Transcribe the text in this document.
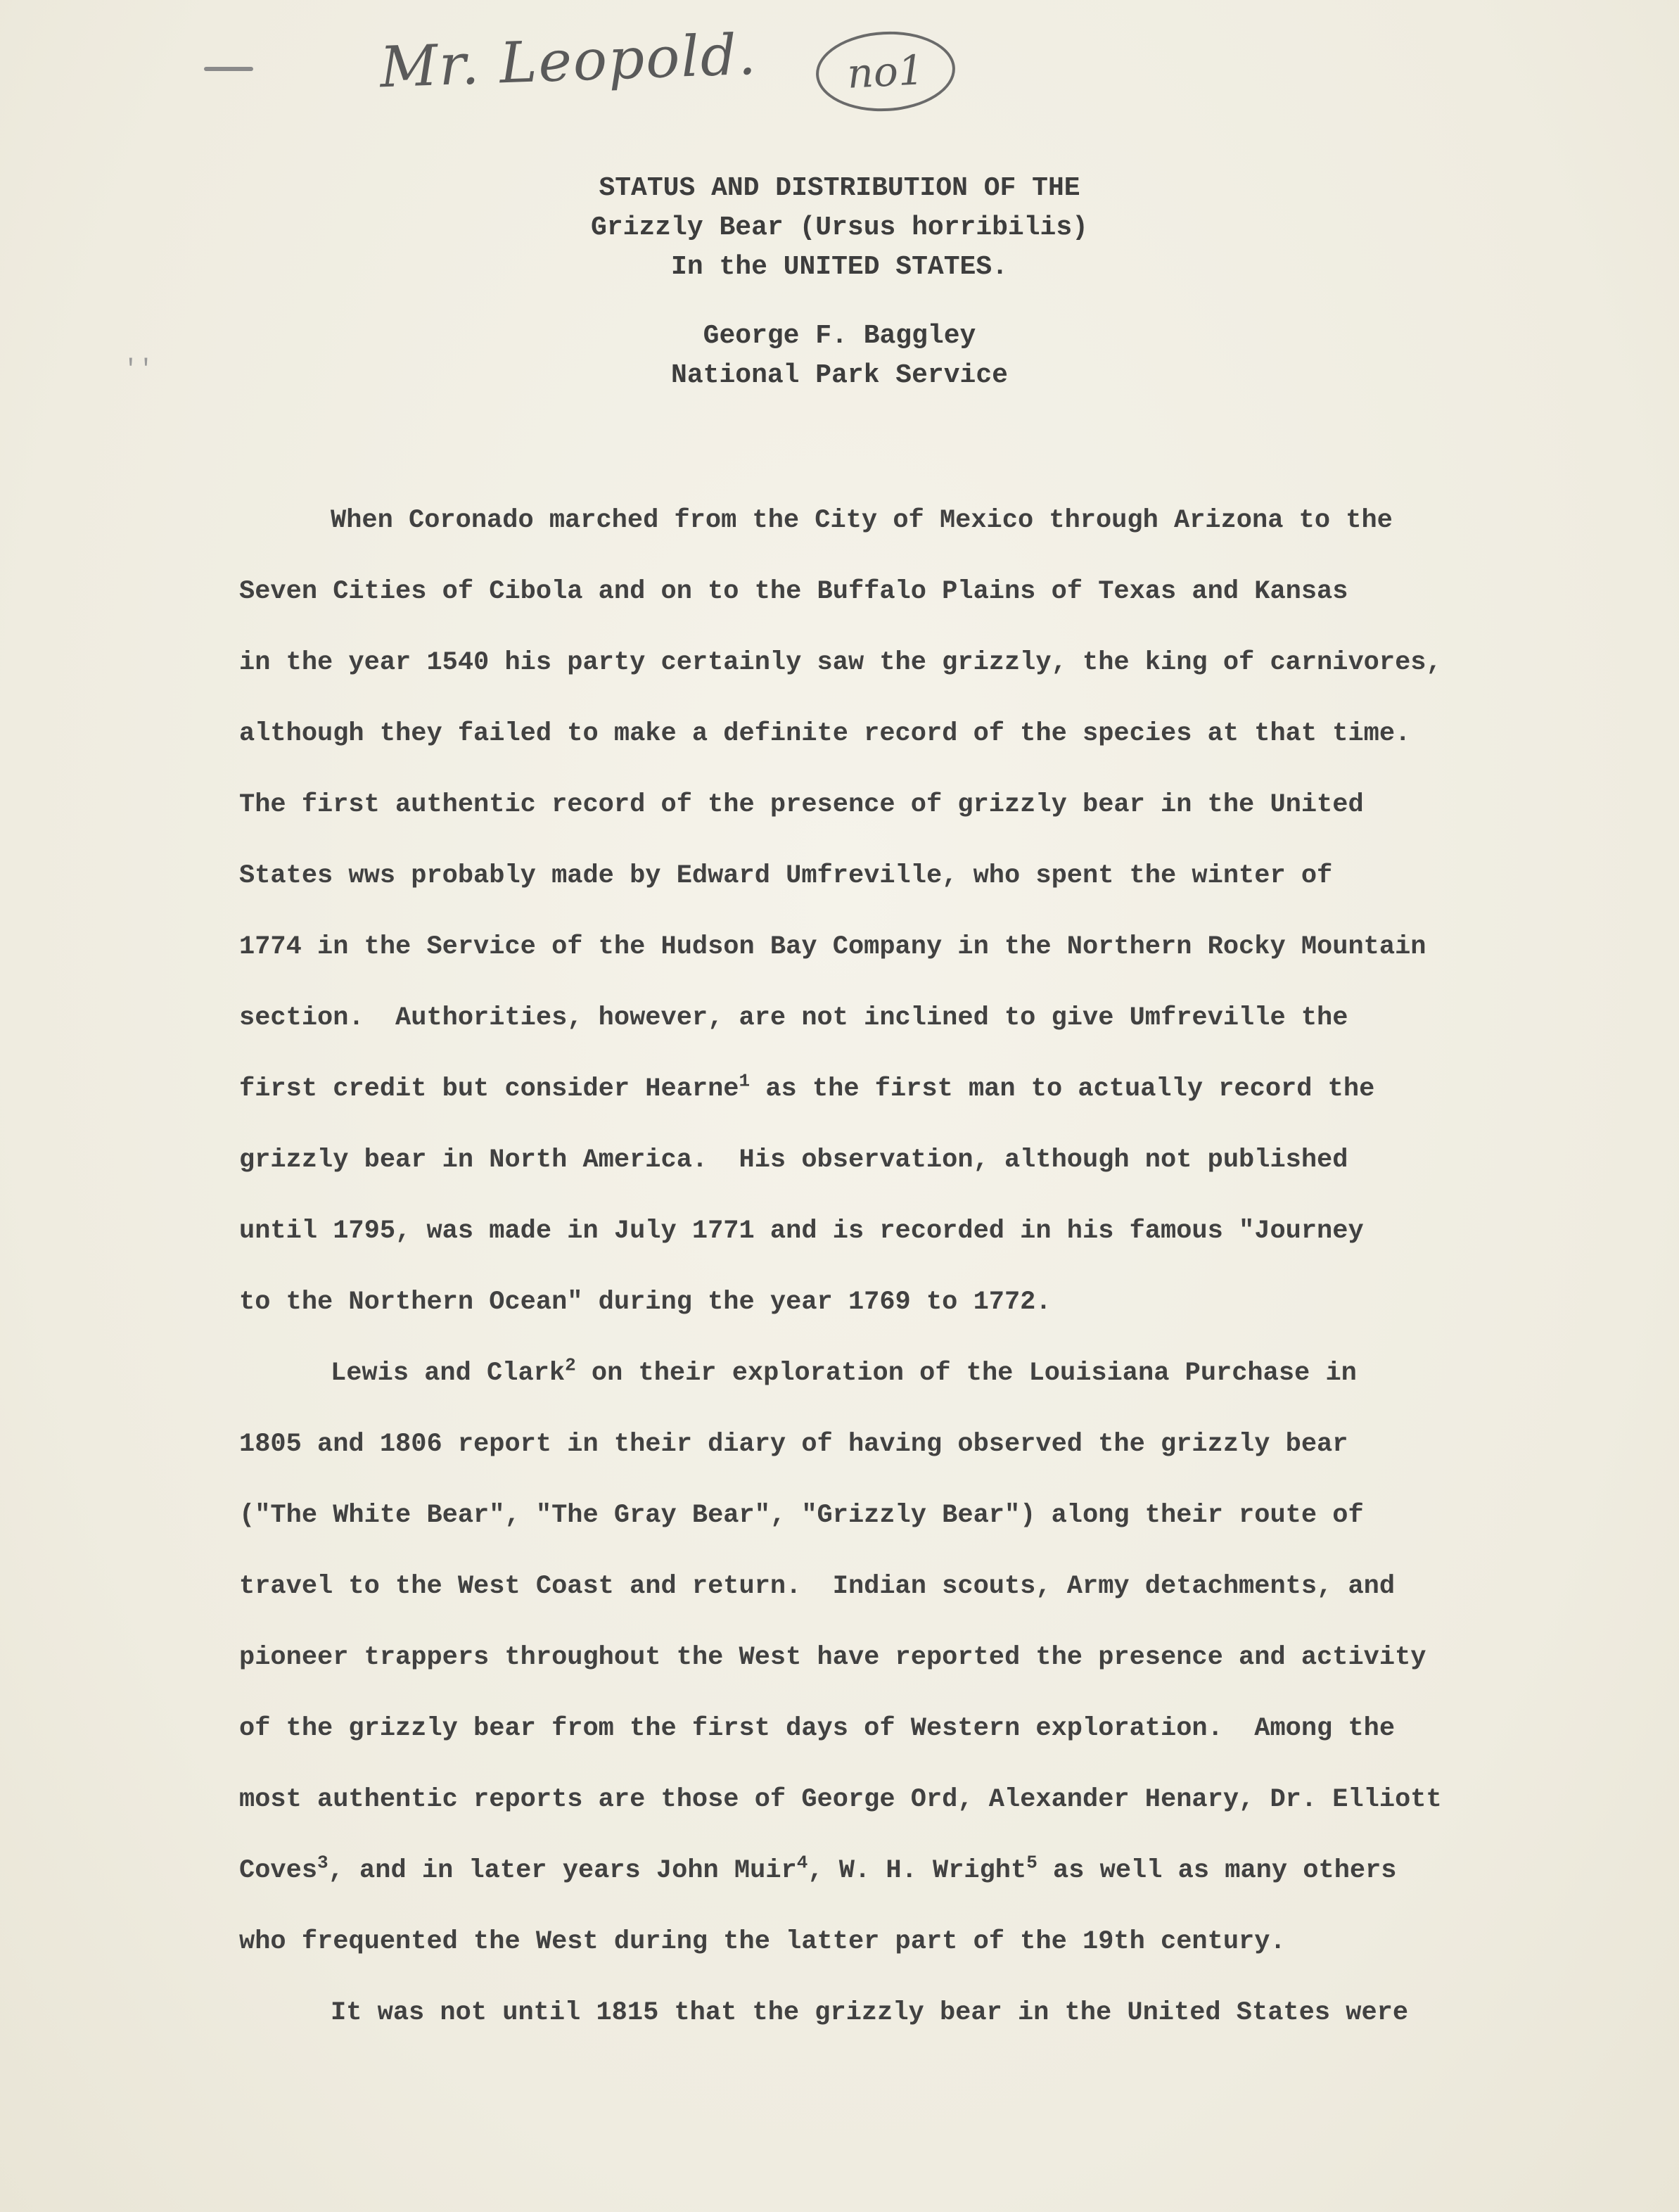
Mr. Leopold. no1
′′
STATUS AND DISTRIBUTION OF THE
Grizzly Bear (Ursus horribilis)
In the UNITED STATES.
George F. Baggley
National Park Service
When Coronado marched from the City of Mexico through Arizona to the
Seven Cities of Cibola and on to the Buffalo Plains of Texas and Kansas
in the year 1540 his party certainly saw the grizzly, the king of carnivores,
although they failed to make a definite record of the species at that time.
The first authentic record of the presence of grizzly bear in the United
States wws probably made by Edward Umfreville, who spent the winter of
1774 in the Service of the Hudson Bay Company in the Northern Rocky Mountain
section.  Authorities, however, are not inclined to give Umfreville the
first credit but consider Hearne$^1$ as the first man to actually record the
grizzly bear in North America.  His observation, although not published
until 1795, was made in July 1771 and is recorded in his famous "Journey
to the Northern Ocean" during the year 1769 to 1772.
Lewis and Clark$^2$ on their exploration of the Louisiana Purchase in
1805 and 1806 report in their diary of having observed the grizzly bear
("The White Bear", "The Gray Bear", "Grizzly Bear") along their route of
travel to the West Coast and return.  Indian scouts, Army detachments, and
pioneer trappers throughout the West have reported the presence and activity
of the grizzly bear from the first days of Western exploration.  Among the
most authentic reports are those of George Ord, Alexander Henary, Dr. Elliott
Coves$^3$, and in later years John Muir$^4$, W. H. Wright$^5$ as well as many others
who frequented the West during the latter part of the 19th century.
It was not until 1815 that the grizzly bear in the United States were
